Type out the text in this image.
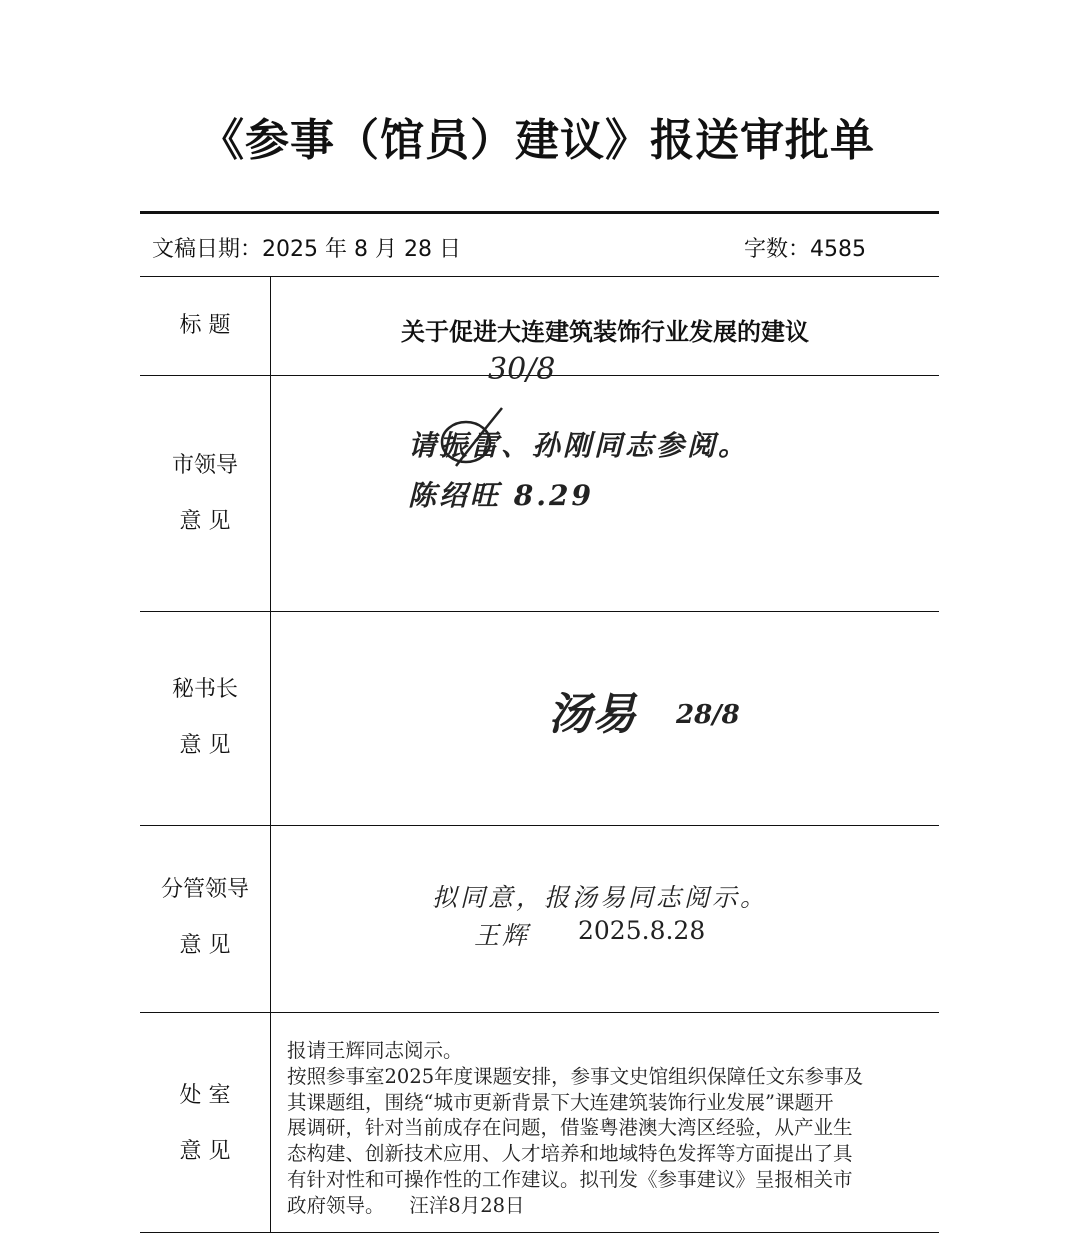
《参事（馆员）建议》报送审批单
文稿日期：2025 年 8 月 28 日	字数：4585
标 题	关于促进大连建筑装饰行业发展的建议
市领导
意 见
30/8
请振雷、孙刚同志参阅。
陈绍旺 8.29
秘书长
意 见
汤易 28/8
分管领导
意 见
拟同意，报汤易同志阅示。
王辉 2025.8.28
处 室
意 见
报请王辉同志阅示。
按照参事室2025年度课题安排，参事文史馆组织保障任文东参事及
其课题组，围绕“城市更新背景下大连建筑装饰行业发展”课题开
展调研，针对当前成存在问题，借鉴粤港澳大湾区经验，从产业生
态构建、创新技术应用、人才培养和地域特色发挥等方面提出了具
有针对性和可操作性的工作建议。拟刊发《参事建议》呈报相关市
政府领导。    汪洋8月28日
